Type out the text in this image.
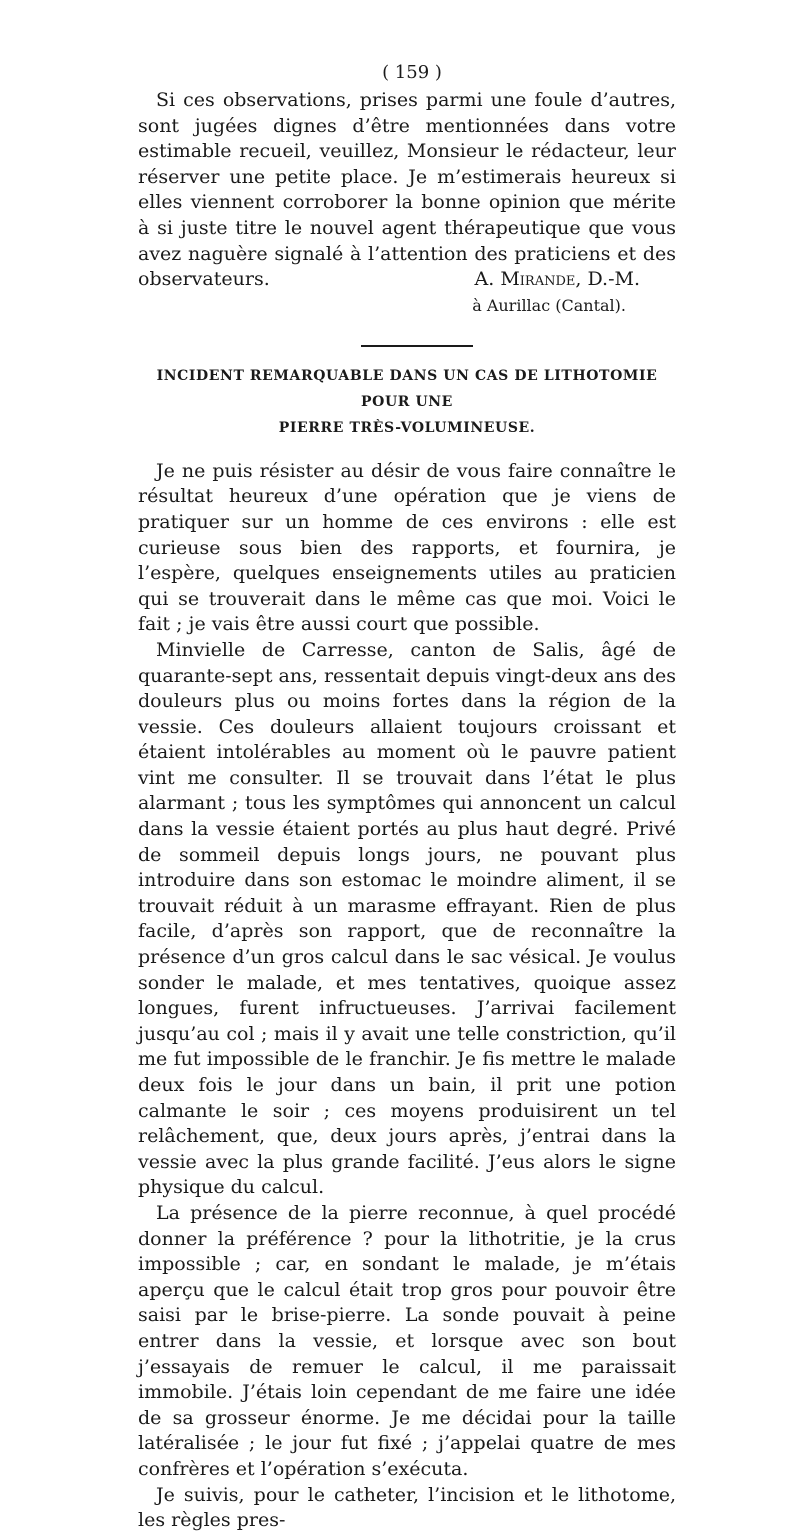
( 159 )

Si ces observations, prises parmi une foule d’autres, sont jugées dignes d’être mentionnées dans votre estimable recueil, veuillez, Monsieur le rédacteur, leur réserver une petite place. Je m’estimerais heureux si elles viennent corroborer la bonne opinion que mérite à si juste titre le nouvel agent thérapeutique que vous avez naguère signalé à l’attention des praticiens et des observateurs.	A. Mirande , D.-M.
à Aurillac (Cantal).
INCIDENT REMARQUABLE DANS UN CAS DE LITHOTOMIE POUR UNE
PIERRE TRÈS-VOLUMINEUSE.

Je ne puis résister au désir de vous faire connaître le résultat heureux d’une opération que je viens de pratiquer sur un homme de ces environs : elle est curieuse sous bien des rapports, et fournira, je l’espère, quelques enseignements utiles au praticien qui se trouverait dans le même cas que moi. Voici le fait ; je vais être aussi court que possible.

Minvielle de Carresse, canton de Salis, âgé de quarante-sept ans, ressentait depuis vingt-deux ans des douleurs plus ou moins fortes dans la région de la vessie. Ces douleurs allaient toujours croissant et étaient intolérables au moment où le pauvre patient vint me consulter. Il se trouvait dans l’état le plus alarmant ; tous les symptômes qui annoncent un calcul dans la vessie étaient portés au plus haut degré. Privé de sommeil depuis longs jours, ne pouvant plus introduire dans son estomac le moindre aliment, il se trouvait réduit à un marasme effrayant. Rien de plus facile, d’après son rapport, que de reconnaître la présence d’un gros calcul dans le sac vésical. Je voulus sonder le malade, et mes tentatives, quoique assez longues, furent infructueuses. J’arrivai facilement jusqu’au col ; mais il y avait une telle constriction, qu’il me fut impossible de le franchir. Je fis mettre le malade deux fois le jour dans un bain, il prit une potion calmante le soir ; ces moyens produisirent un tel relâchement, que, deux jours après, j’entrai dans la vessie avec la plus grande facilité. J’eus alors le signe physique du calcul.

La présence de la pierre reconnue, à quel procédé donner la préférence ? pour la lithotritie, je la crus impossible ; car, en sondant le malade, je m’étais aperçu que le calcul était trop gros pour pouvoir être saisi par le brise-pierre. La sonde pouvait à peine entrer dans la vessie, et lorsque avec son bout j’essayais de remuer le calcul, il me paraissait immobile. J’étais loin cependant de me faire une idée de sa grosseur énorme. Je me décidai pour la taille latéralisée ; le jour fut fixé ; j’appelai quatre de mes confrères et l’opération s’exécuta.

Je suivis, pour le catheter, l’incision et le lithotome, les règles pres-
